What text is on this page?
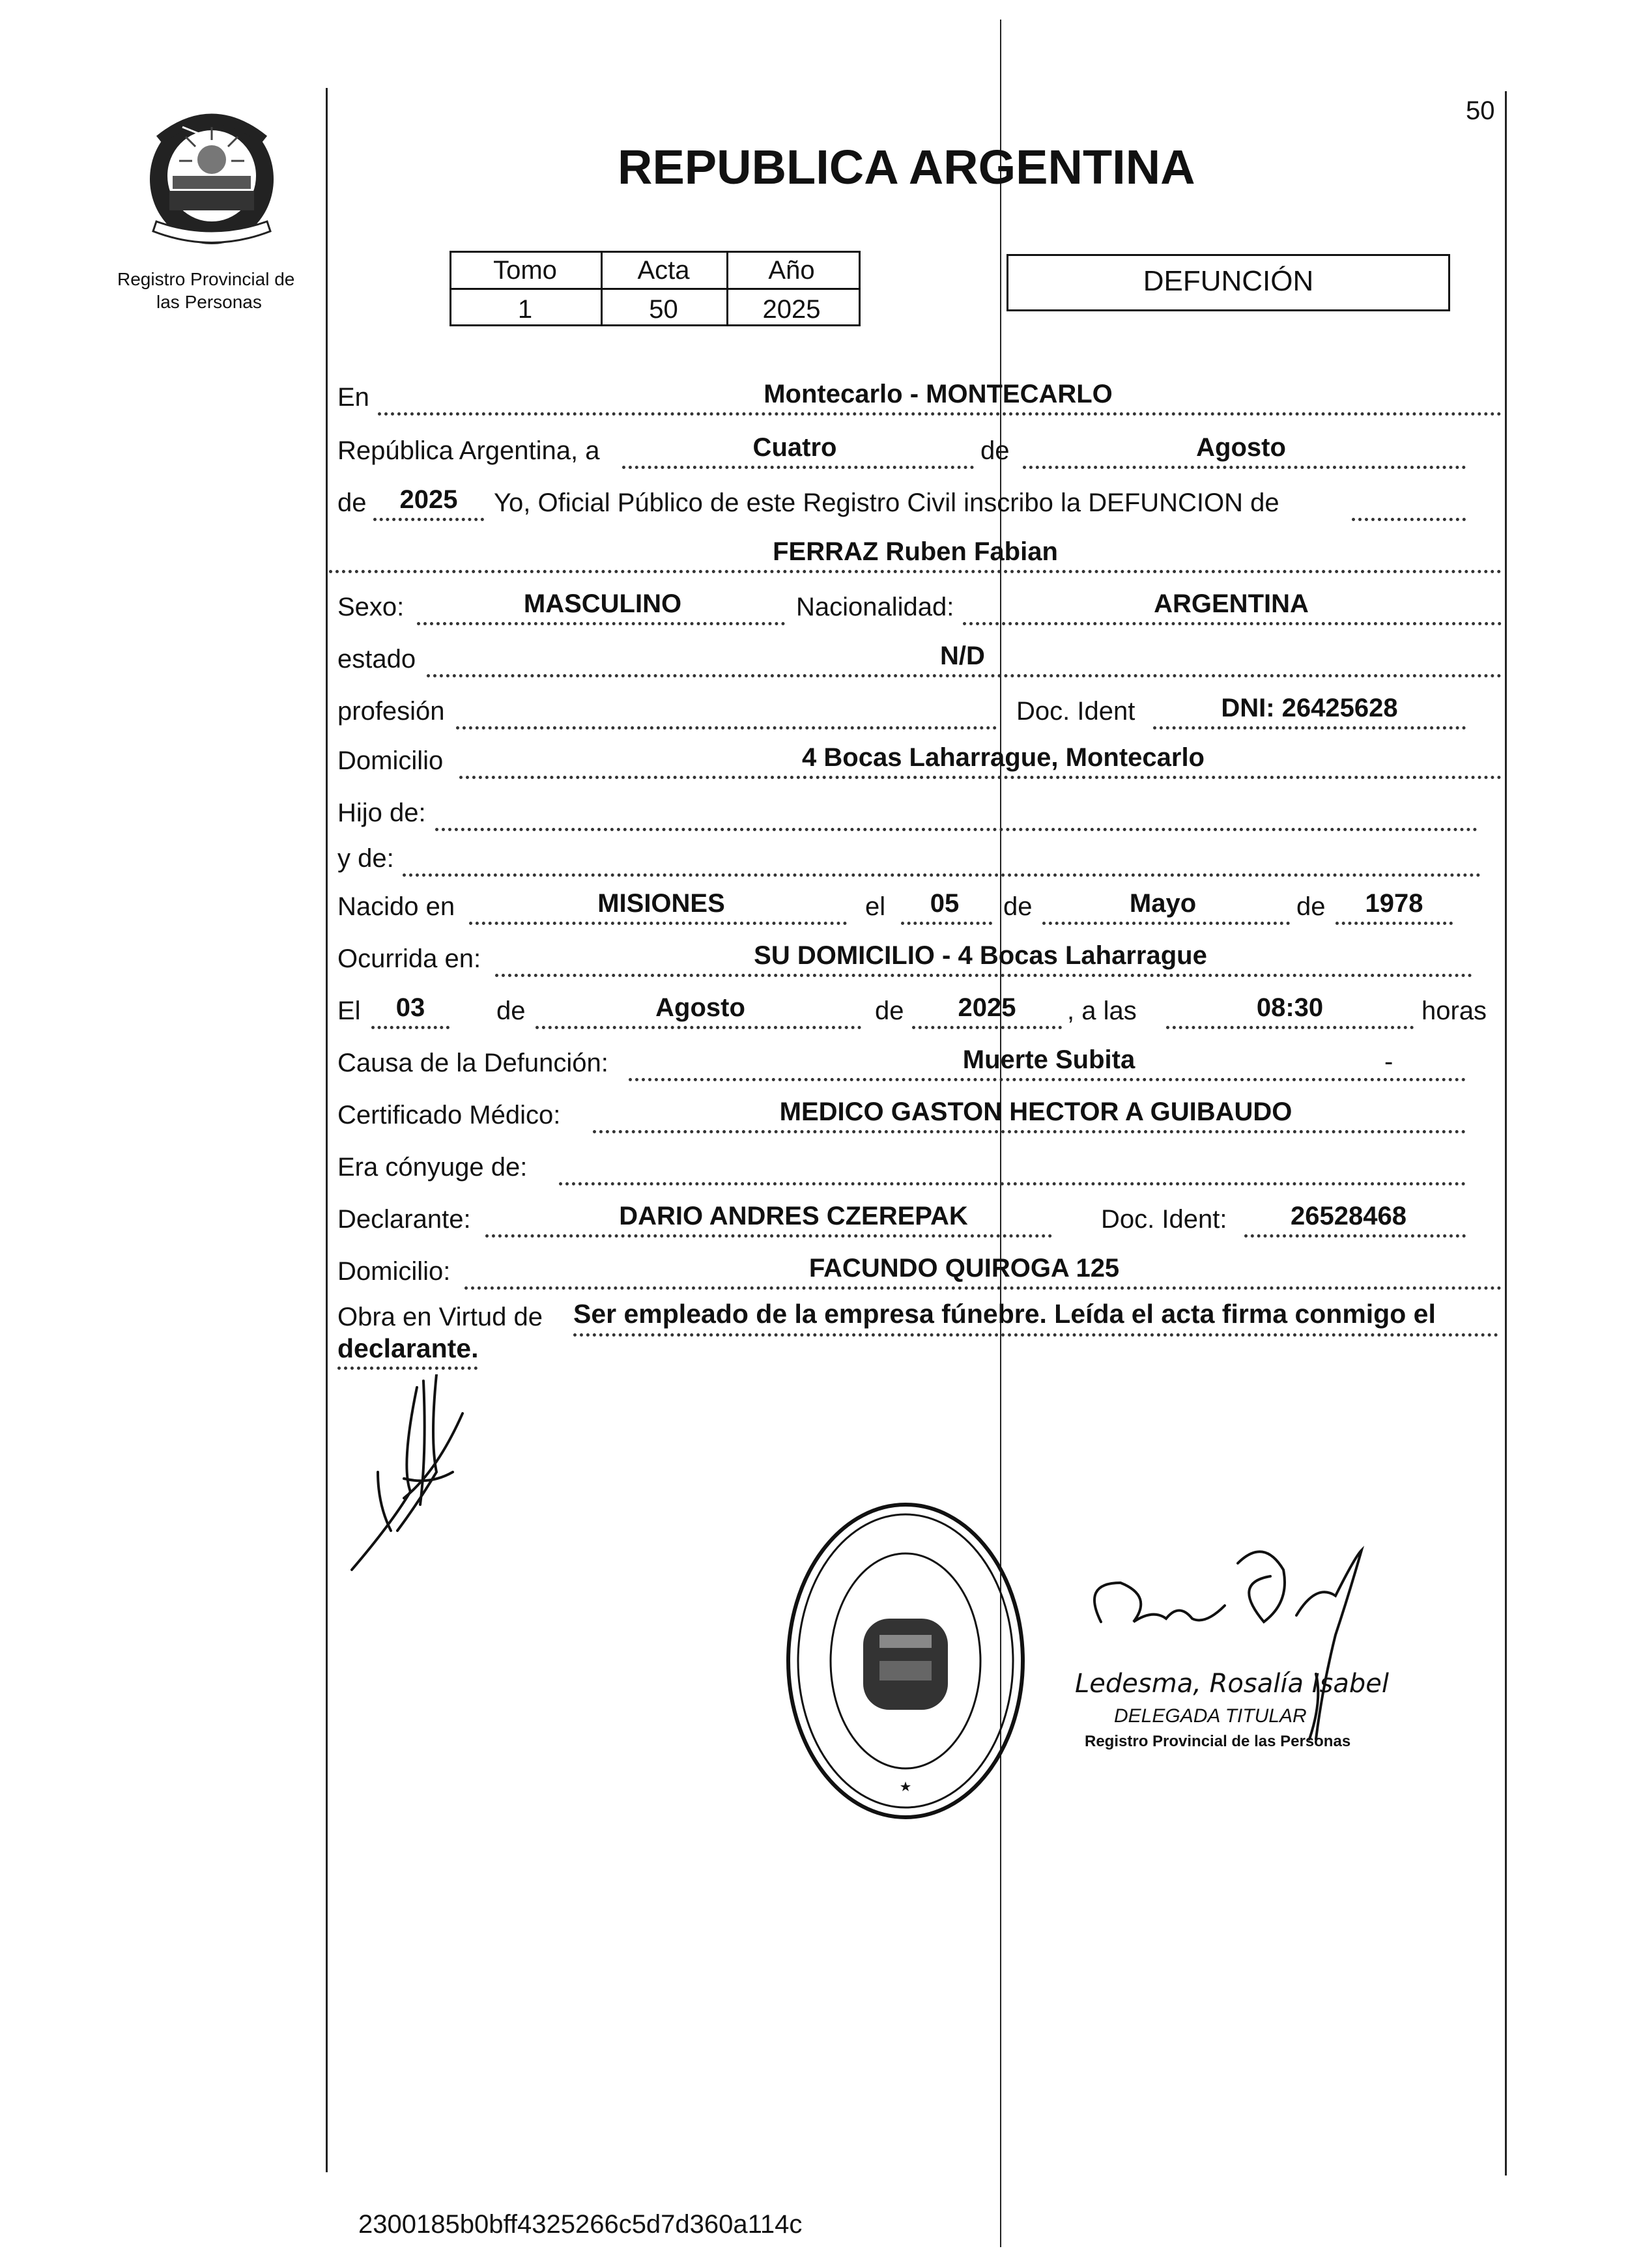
Registro Provincial de
las Personas
50
REPUBLICA ARGENTINA
Tomo	Acta	Año
1	50	2025
DEFUNCIÓN
En	Montecarlo - MONTECARLO
República Argentina, a	Cuatro	de	Agosto
de 2025 Yo, Oficial Público de este Registro Civil inscribo la DEFUNCION de
FERRAZ Ruben Fabian
Sexo:	MASCULINO	Nacionalidad:	ARGENTINA
estado	N/D
profesión	Doc. Ident	DNI: 26425628
Domicilio	4 Bocas Laharrague, Montecarlo
Hijo de:
y de:
Nacido en	MISIONES	el 05 de	Mayo	de 1978
Ocurrida en:	SU DOMICILIO - 4 Bocas Laharrague
El 03	de	Agosto	de 2025 , a las	08:30	horas
Causa de la Defunción:	Muerte Subita	-
Certificado Médico:	MEDICO GASTON HECTOR A GUIBAUDO
Era cónyuge de:
Declarante:	DARIO ANDRES CZEREPAK	Doc. Ident: 26528468
Domicilio:	FACUNDO QUIROGA 125
Obra en Virtud de Ser empleado de la empresa fúnebre. Leída el acta firma conmigo el
declarante.
Ledesma, Rosalía Isabel
DELEGADA TITULAR
Registro Provincial de las Personas
2300185b0bff4325266c5d7d360a114c
